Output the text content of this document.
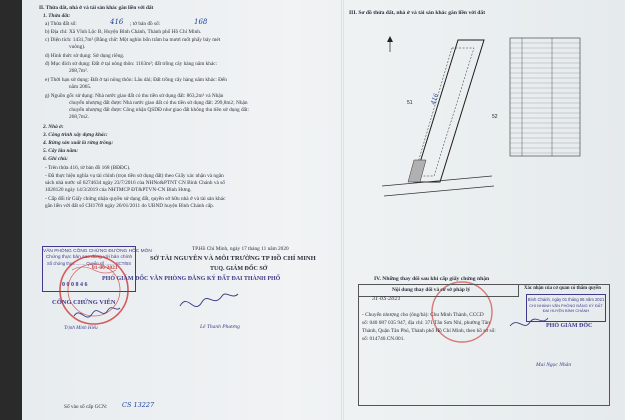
II. Thửa đất, nhà ở và tài sản khác gắn liền với đất
1. Thửa đất:
a) Thửa đất số:	416 ; tờ bản đồ số:	168
b) Địa chỉ: Xã Vĩnh Lộc B, Huyện Bình Chánh, Thành phố Hồ Chí Minh.
c) Diện tích: 1431,7m² (Bằng chữ: Một nghìn bốn trăm ba mươi mốt phẩy bảy mét
vuông).
d) Hình thức sử dụng: Sử dụng riêng.
đ) Mục đích sử dụng: Đất ở tại nông thôn: 1163m²; đất trồng cây hàng năm khác:
268,7m².
e) Thời hạn sử dụng: Đất ở tại nông thôn: Lâu dài; Đất trồng cây hàng năm khác: Đến
năm 2065.
g) Nguồn gốc sử dụng: Nhà nước giao đất có thu tiền sử dụng đất: 863,2m² và Nhận
chuyển nhượng đất được Nhà nước giao đất có thu tiền sử dụng đất: 299,8m2; Nhận
chuyển nhượng đất được Công nhận QSDĐ như giao đất không thu tiền sử dụng đất:
268,7m2.
2. Nhà ở:
3. Công trình xây dựng khác:
4. Rừng sản xuất là rừng trồng:
5. Cây lâu năm:
6. Ghi chú:
- Trên thửa 416, tờ bản đồ 168 (BĐĐC).
- Đã thực hiện nghĩa vụ tài chính (trọn tiền sử dụng đất) theo Giấy xác nhận và ngân
sách nhà nước số 6274634 ngày 23/7/2016 của NHNo&PTNT CN Bình Chánh và số
1028120 ngày 14/3/2019 của NHTMCP ĐT&PTVN-CN Bình Hưng.
- Cấp đổi từ Giấy chứng nhận quyền sử dụng đất, quyền sở hữu nhà ở và tài sản khác
gắn liền với đất số CH1769 ngày 26/01/2011 do UBND huyện Bình Chánh cấp.
VĂN PHÒNG CÔNG CHỨNG ĐƯỜNG HỒC MÔN
Chứng thực bản sao đúng với bản chính
Số chứng thực ........ Quyển số ........ SCT/BS
01-06-2021
0 0 0 8 4 6
CÔNG CHỨNG VIÊN
Trịnh Minh Hiếu
TP.Hồ Chí Minh, ngày 17 tháng 11 năm 2020
SỞ TÀI NGUYÊN VÀ MÔI TRƯỜNG TP HỒ CHÍ MINH
TUQ. GIÁM ĐỐC SỞ
PHÓ GIÁM ĐỐC VĂN PHÒNG ĐĂNG KÝ ĐẤT ĐAI THÀNH PHỐ
Lê Thanh Phương
Số vào sổ cấp GCN: CS 13227
III. Sơ đồ thửa đất, nhà ở và tài sản khác gắn liền với đất
51
52
416
IV. Những thay đổi sau khi cấp giấy chứng nhận
Nội dung thay đổi và cơ sở pháp lý	Xác nhận của cơ quan có thẩm quyền
31-05-2021
- Chuyển nhượng cho (ông/bà): Chu Minh Thành, CCCD
số: 040 087 035 947, địa chỉ: 371 Tân Sơn Nhì, phường Tân
Thành, Quận Tân Phú, Thành phố Hồ Chí Minh, theo hồ sơ số:
số: 014740.CN.001.
Bình Chánh, ngày 01 tháng 06 năm 2021
CHI NHÁNH VĂN PHÒNG ĐĂNG KÝ ĐẤT ĐAI HUYỆN BÌNH CHÁNH
PHÓ GIÁM ĐỐC
Mai Ngọc Nhân
